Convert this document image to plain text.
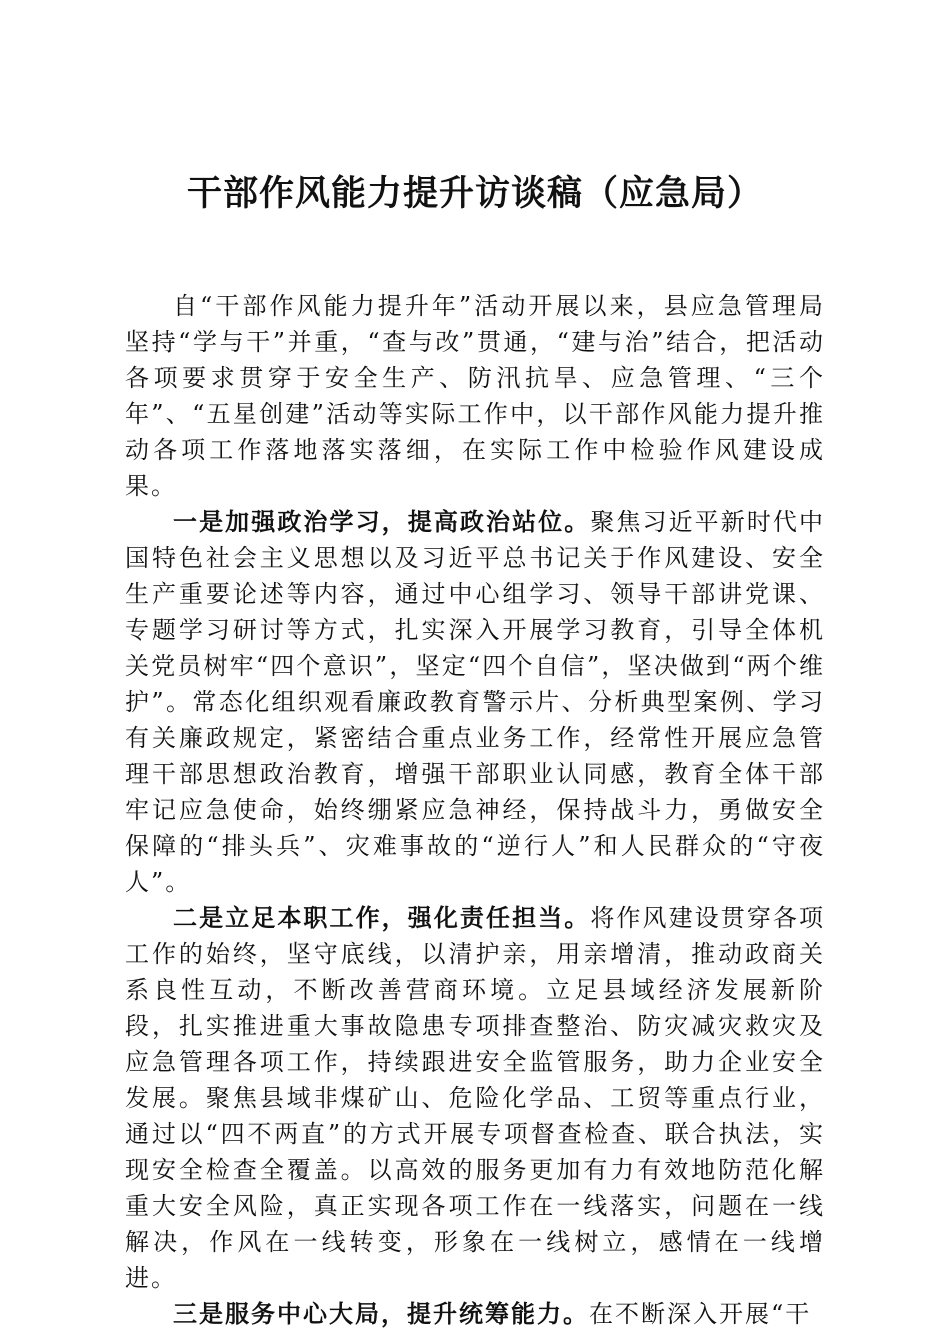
干部作风能力提升访谈稿（应急局）

自“干部作风能力提升年”活动开展以来，县应急管理局坚持“学与干”并重，“查与改”贯通，“建与治”结合，把活动各项要求贯穿于安全生产、防汛抗旱、应急管理、“三个年”、“五星创建”活动等实际工作中，以干部作风能力提升推动各项工作落地落实落细，在实际工作中检验作风建设成果。

一是加强政治学习，提高政治站位。聚焦习近平新时代中国特色社会主义思想以及习近平总书记关于作风建设、安全生产重要论述等内容，通过中心组学习、领导干部讲党课、专题学习研讨等方式，扎实深入开展学习教育，引导全体机关党员树牢“四个意识”，坚定“四个自信”，坚决做到“两个维护”。常态化组织观看廉政教育警示片、分析典型案例、学习有关廉政规定，紧密结合重点业务工作，经常性开展应急管理干部思想政治教育，增强干部职业认同感，教育全体干部牢记应急使命，始终绷紧应急神经，保持战斗力，勇做安全保障的“排头兵”、灾难事故的“逆行人”和人民群众的“守夜人”。

二是立足本职工作，强化责任担当。将作风建设贯穿各项工作的始终，坚守底线，以清护亲，用亲增清，推动政商关系良性互动，不断改善营商环境。立足县域经济发展新阶段，扎实推进重大事故隐患专项排查整治、防灾减灾救灾及应急管理各项工作，持续跟进安全监管服务，助力企业安全发展。聚焦县域非煤矿山、危险化学品、工贸等重点行业，通过以“四不两直”的方式开展专项督查检查、联合执法，实现安全检查全覆盖。以高效的服务更加有力有效地防范化解重大安全风险，真正实现各项工作在一线落实，问题在一线解决，作风在一线转变，形象在一线树立，感情在一线增进。

三是服务中心大局，提升统筹能力。在不断深入开展“干
